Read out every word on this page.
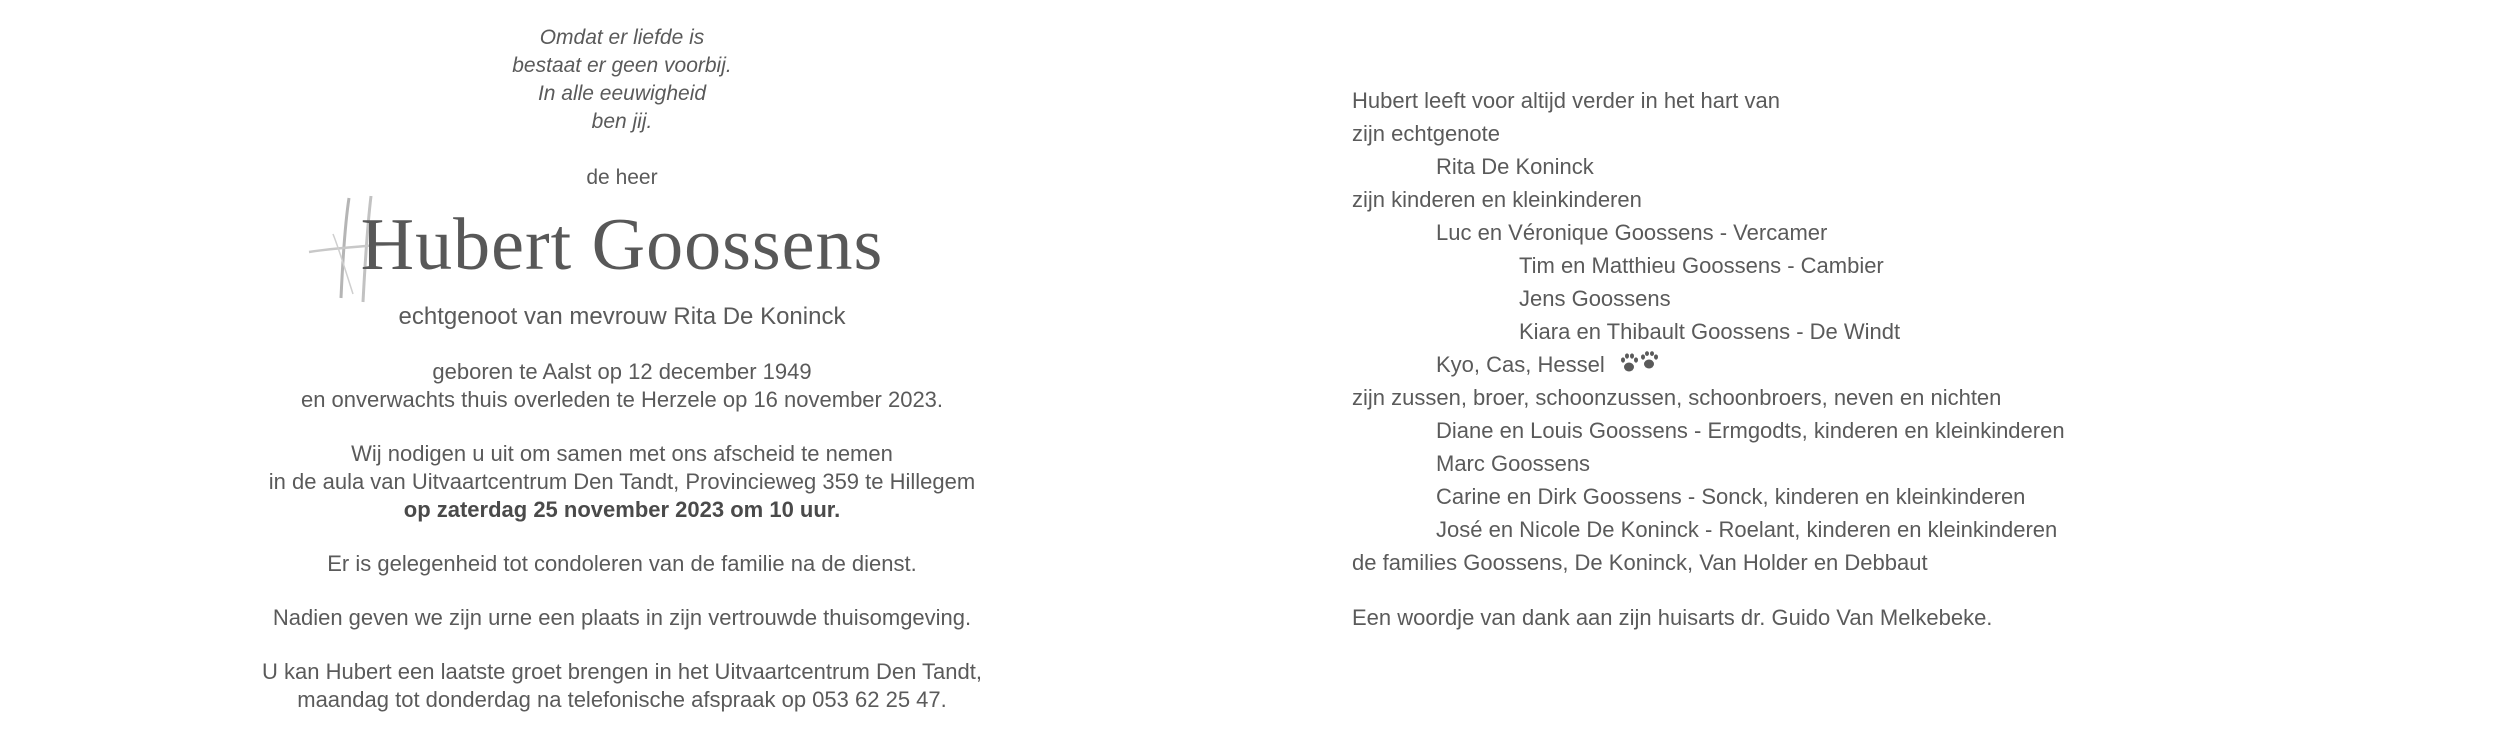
Omdat er liefde is

bestaat er geen voorbij.

In alle eeuwigheid

ben jij.

de heer
Hubert Goossens
echtgenoot van mevrouw Rita De Koninck

geboren te Aalst op 12 december 1949

en onverwachts thuis overleden te Herzele op 16 november 2023.

Wij nodigen u uit om samen met ons afscheid te nemen

in de aula van Uitvaartcentrum Den Tandt, Provincieweg 359 te Hillegem

op zaterdag 25 november 2023 om 10 uur.

Er is gelegenheid tot condoleren van de familie na de dienst.
Nadien geven we zijn urne een plaats in zijn vertrouwde thuisomgeving.

U kan Hubert een laatste groet brengen in het Uitvaartcentrum Den Tandt,

maandag tot donderdag na telefonische afspraak op 053 62 25 47.

Hubert leeft voor altijd verder in het hart van

zijn echtgenote

Rita De Koninck

zijn kinderen en kleinkinderen

Luc en Véronique Goossens - Vercamer

Tim en Matthieu Goossens - Cambier

Jens Goossens

Kiara en Thibault Goossens - De Windt

Kyo, Cas, Hessel

zijn zussen, broer, schoonzussen, schoonbroers, neven en nichten

Diane en Louis Goossens - Ermgodts, kinderen en kleinkinderen

Marc Goossens

Carine en Dirk Goossens - Sonck, kinderen en kleinkinderen

José en Nicole De Koninck - Roelant, kinderen en kleinkinderen

de families Goossens, De Koninck, Van Holder en Debbaut

Een woordje van dank aan zijn huisarts dr. Guido Van Melkebeke.
